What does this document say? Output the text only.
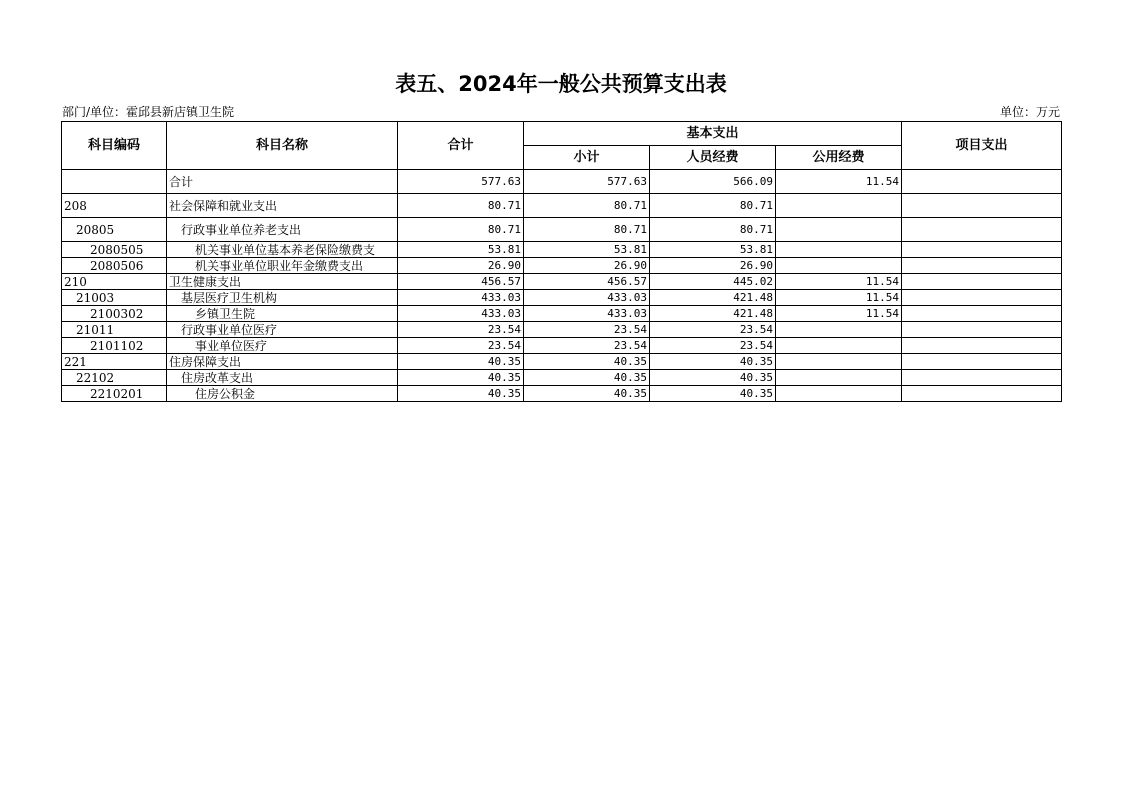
表五、2024年一般公共预算支出表
部门/单位：霍邱县新店镇卫生院	单位：万元
科目编码	科目名称	合计	基本支出			项目支出
			小计	人员经费	公用经费	
	合计	577.63	577.63	566.09	11.54	
208	社会保障和就业支出	80.71	80.71	80.71		
20805	行政事业单位养老支出	80.71	80.71	80.71		
2080505	机关事业单位基本养老保险缴费支	53.81	53.81	53.81		
2080506	机关事业单位职业年金缴费支出	26.90	26.90	26.90		
210	卫生健康支出	456.57	456.57	445.02	11.54	
21003	基层医疗卫生机构	433.03	433.03	421.48	11.54	
2100302	乡镇卫生院	433.03	433.03	421.48	11.54	
21011	行政事业单位医疗	23.54	23.54	23.54		
2101102	事业单位医疗	23.54	23.54	23.54		
221	住房保障支出	40.35	40.35	40.35		
22102	住房改革支出	40.35	40.35	40.35		
2210201	住房公积金	40.35	40.35	40.35		
